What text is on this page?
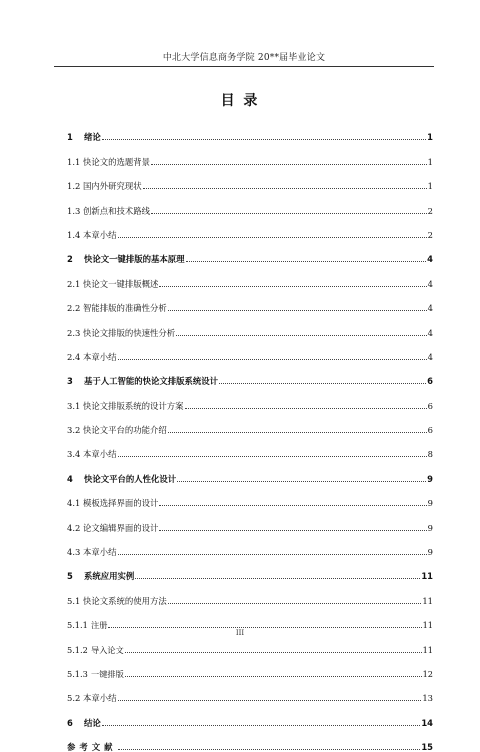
中北大学信息商务学院 20**届毕业论文
目 录
1	绪论	1
1.1 快论文的选题背景	1
1.2 国内外研究现状	1
1.3 创新点和技术路线	2
1.4 本章小结	2
2	快论文一键排版的基本原理	4
2.1 快论文一键排版概述	4
2.2 智能排版的准确性分析	4
2.3 快论文排版的快速性分析	4
2.4 本章小结	4
3	基于人工智能的快论文排版系统设计	6
3.1 快论文排版系统的设计方案	6
3.2 快论文平台的功能介绍	6
3.4 本章小结	8
4	快论文平台的人性化设计	9
4.1 模板选择界面的设计	9
4.2 论文编辑界面的设计	9
4.3 本章小结	9
5	系统应用实例	11
5.1 快论文系统的使用方法	11
5.1.1 注册	11
5.1.2 导入论文	11
5.1.3 一键排版	12
5.2 本章小结	13
6	结论	14
参考文献	15
III
